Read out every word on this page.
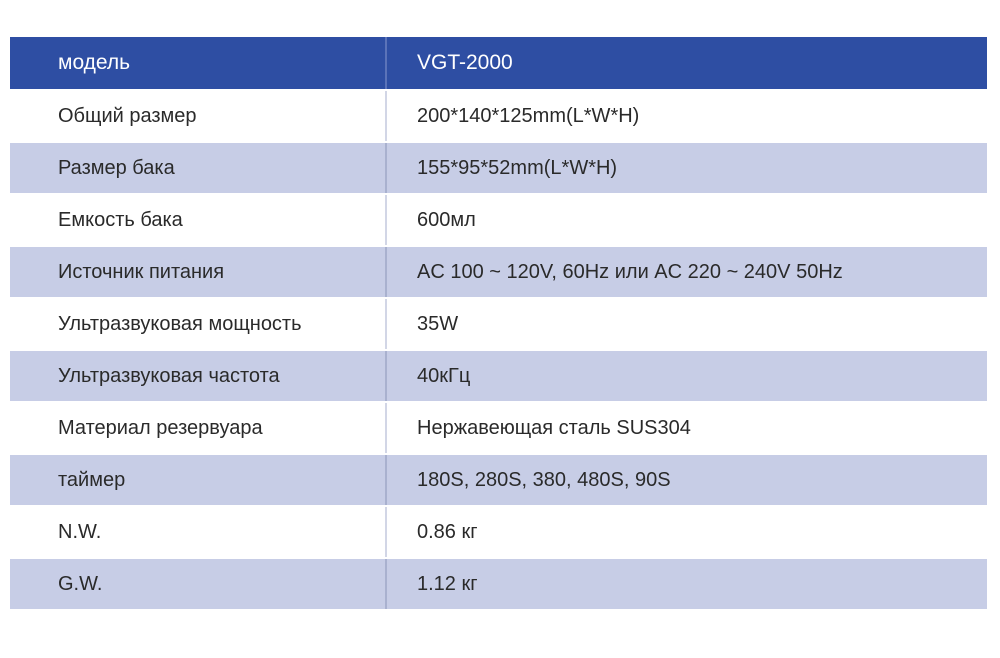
модель	VGT-2000
Общий размер	200*140*125mm(L*W*H)
Размер бака	155*95*52mm(L*W*H)
Емкость бака	600мл
Источник питания	AC 100 ~ 120V, 60Hz или AC 220 ~ 240V 50Hz
Ультразвуковая мощность	35W
Ультразвуковая частота	40кГц
Материал резервуара	Нержавеющая сталь SUS304
таймер	180S, 280S, 380, 480S, 90S
N.W.	0.86 кг
G.W.	1.12 кг
